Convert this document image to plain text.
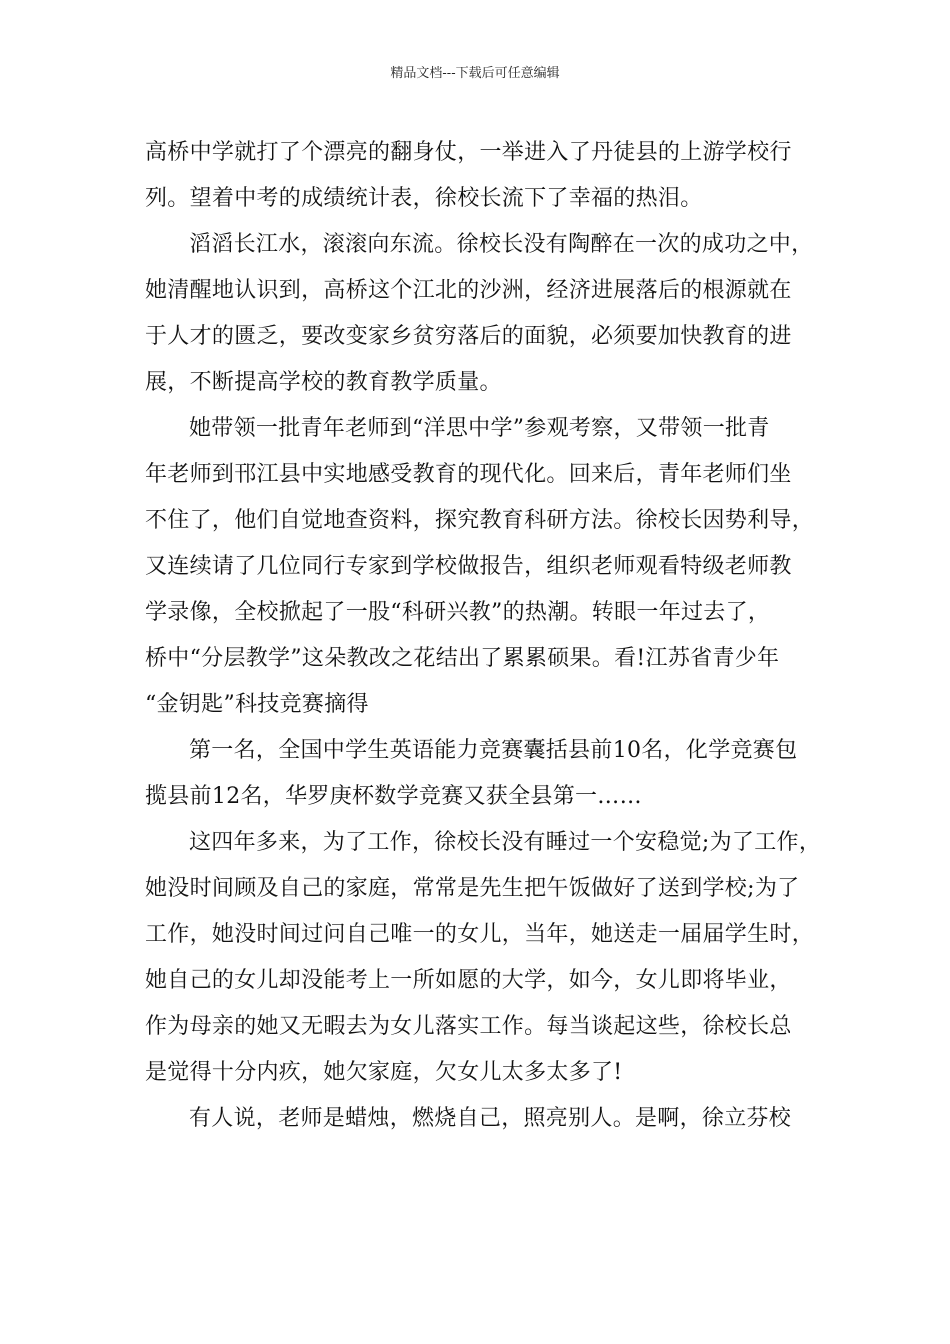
精品文档---下载后可任意编辑
高桥中学就打了个漂亮的翻身仗，一举进入了丹徒县的上游学校行
列。望着中考的成绩统计表，徐校长流下了幸福的热泪。
滔滔长江水，滚滚向东流。徐校长没有陶醉在一次的成功之中，
她清醒地认识到，高桥这个江北的沙洲，经济进展落后的根源就在
于人才的匮乏，要改变家乡贫穷落后的面貌，必须要加快教育的进
展，不断提高学校的教育教学质量。
她带领一批青年老师到“洋思中学”参观考察，又带领一批青
年老师到邗江县中实地感受教育的现代化。回来后，青年老师们坐
不住了，他们自觉地查资料，探究教育科研方法。徐校长因势利导，
又连续请了几位同行专家到学校做报告，组织老师观看特级老师教
学录像，全校掀起了一股“科研兴教”的热潮。转眼一年过去了，
桥中“分层教学”这朵教改之花结出了累累硕果。看!江苏省青少年
“金钥匙”科技竞赛摘得
第一名，全国中学生英语能力竞赛囊括县前10名，化学竞赛包
揽县前12名，华罗庚杯数学竞赛又获全县第一……
这四年多来，为了工作，徐校长没有睡过一个安稳觉;为了工作，
她没时间顾及自己的家庭，常常是先生把午饭做好了送到学校;为了
工作，她没时间过问自己唯一的女儿，当年，她送走一届届学生时，
她自己的女儿却没能考上一所如愿的大学，如今，女儿即将毕业，
作为母亲的她又无暇去为女儿落实工作。每当谈起这些，徐校长总
是觉得十分内疚，她欠家庭，欠女儿太多太多了!
有人说，老师是蜡烛，燃烧自己，照亮别人。是啊，徐立芬校
